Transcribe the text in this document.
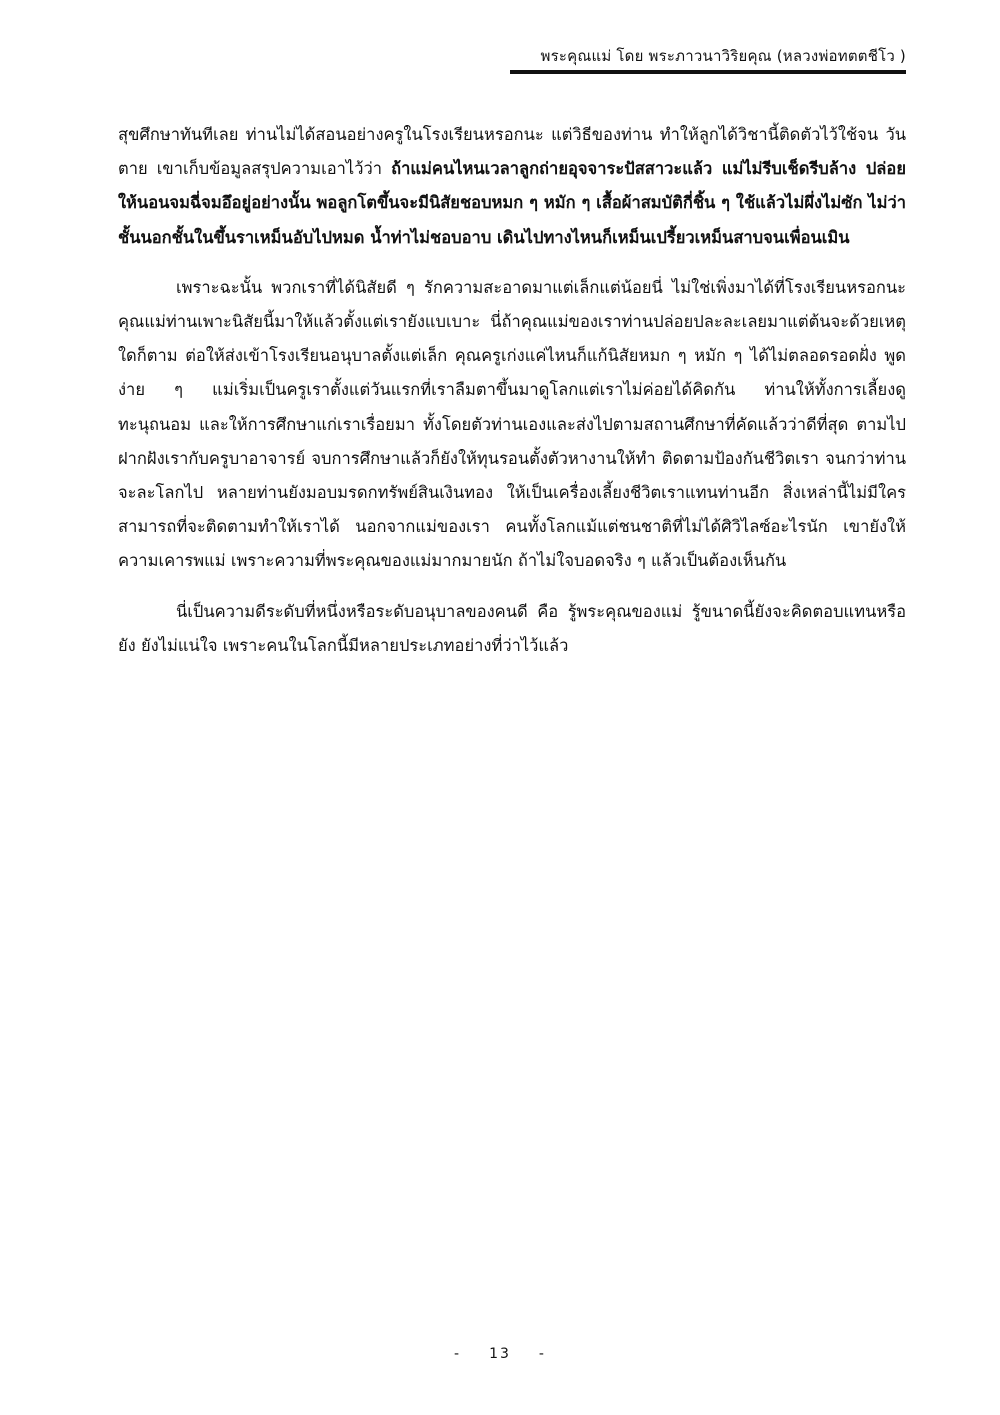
พระคุณแม่ โดย พระภาวนาวิริยคุณ (หลวงพ่อทตตชีโว )

สุขศึกษาทันทีเลย ท่านไม่ได้สอนอย่างครูในโรงเรียนหรอกนะ แต่วิธีของท่าน ทำให้ลูกได้วิชานี้ติดตัวไว้ใช้จน วันตาย เขาเก็บข้อมูลสรุปความเอาไว้ว่า ถ้าแม่คนไหนเวลาลูกถ่ายอุจจาระปัสสาวะแล้ว แม่ไม่รีบเช็ดรีบล้าง ปล่อยให้นอนจมฉี่จมอึอยู่อย่างนั้น พอลูกโตขึ้นจะมีนิสัยชอบหมก ๆ หมัก ๆ เสื้อผ้าสมบัติกี่ชิ้น ๆ ใช้แล้วไม่ผึ่งไม่ซัก ไม่ว่าชั้นนอกชั้นในขึ้นราเหม็นอับไปหมด น้ำท่าไม่ชอบอาบ เดินไปทางไหนก็เหม็นเปรี้ยวเหม็นสาบจนเพื่อนเมิน

เพราะฉะนั้น พวกเราที่ได้นิสัยดี ๆ รักความสะอาดมาแต่เล็กแต่น้อยนี่ ไม่ใช่เพิ่งมาได้ที่โรงเรียนหรอกนะ คุณแม่ท่านเพาะนิสัยนี้มาให้แล้วตั้งแต่เรายังแบเบาะ นี่ถ้าคุณแม่ของเราท่านปล่อยปละละเลยมาแต่ต้นจะด้วยเหตุใดก็ตาม ต่อให้ส่งเข้าโรงเรียนอนุบาลตั้งแต่เล็ก คุณครูเก่งแค่ไหนก็แก้นิสัยหมก ๆ หมัก ๆ ได้ไม่ตลอดรอดฝั่ง พูดง่าย ๆ แม่เริ่มเป็นครูเราตั้งแต่วันแรกที่เราลืมตาขึ้นมาดูโลกแต่เราไม่ค่อยได้คิดกัน ท่านให้ทั้งการเลี้ยงดูทะนุถนอม และให้การศึกษาแก่เราเรื่อยมา ทั้งโดยตัวท่านเองและส่งไปตามสถานศึกษาที่คัดแล้วว่าดีที่สุด ตามไปฝากฝังเรากับครูบาอาจารย์ จบการศึกษาแล้วก็ยังให้ทุนรอนตั้งตัวหางานให้ทำ ติดตามป้องกันชีวิตเรา จนกว่าท่านจะละโลกไป หลายท่านยังมอบมรดกทรัพย์สินเงินทอง ให้เป็นเครื่องเลี้ยงชีวิตเราแทนท่านอีก สิ่งเหล่านี้ไม่มีใครสามารถที่จะติดตามทำให้เราได้ นอกจากแม่ของเรา คนทั้งโลกแม้แต่ชนชาติที่ไม่ได้ศิวิไลซ์อะไรนัก เขายังให้ความเคารพแม่ เพราะความที่พระคุณของแม่มากมายนัก ถ้าไม่ใจบอดจริง ๆ แล้วเป็นต้องเห็นกัน

นี่เป็นความดีระดับที่หนึ่งหรือระดับอนุบาลของคนดี คือ รู้พระคุณของแม่ รู้ขนาดนี้ยังจะคิดตอบแทนหรือยัง ยังไม่แน่ใจ เพราะคนในโลกนี้มีหลายประเภทอย่างที่ว่าไว้แล้ว

- 13 -
